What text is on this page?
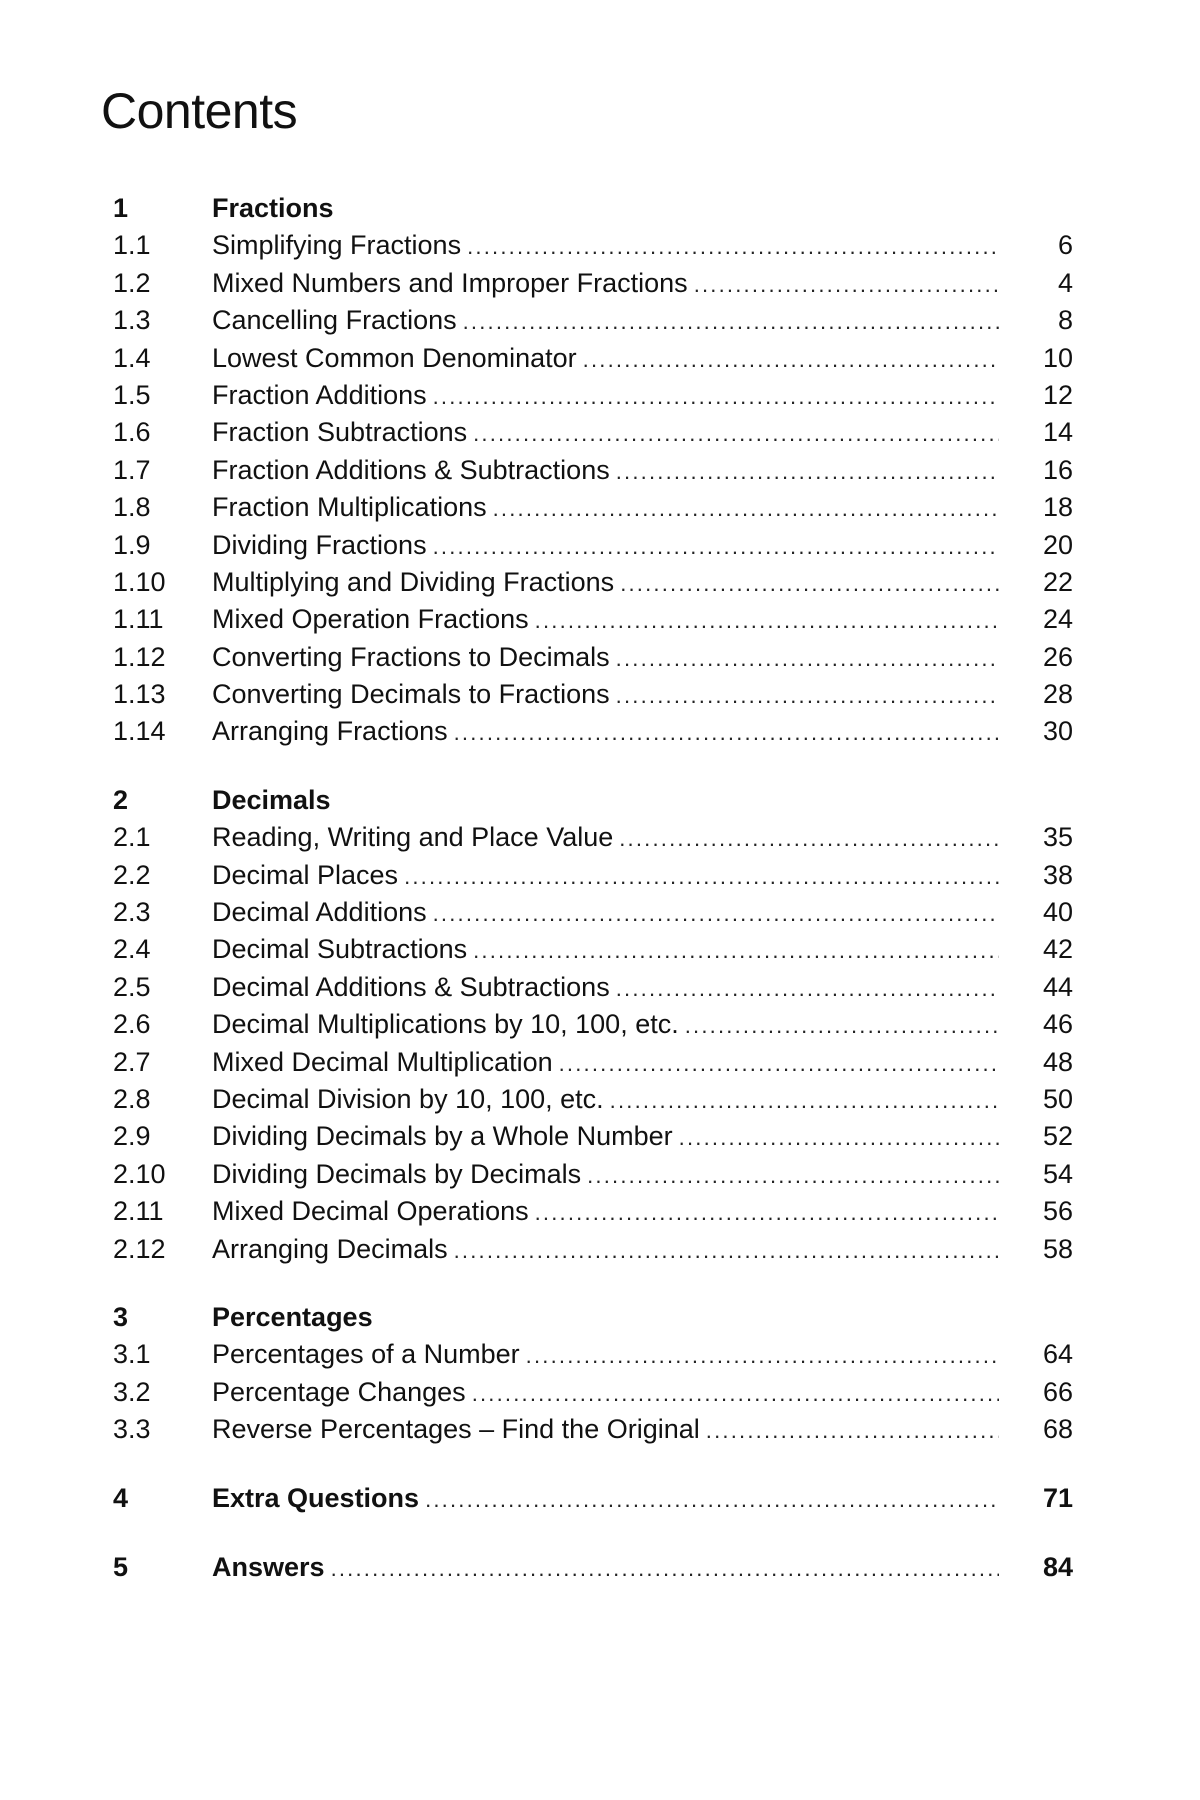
Contents
1	Fractions
1.1	Simplifying Fractions .....	6
1.2	Mixed Numbers and Improper Fractions .....	4
1.3	Cancelling Fractions .....	8
1.4	Lowest Common Denominator .....	10
1.5	Fraction Additions .....	12
1.6	Fraction Subtractions .....	14
1.7	Fraction Additions & Subtractions .....	16
1.8	Fraction Multiplications .....	18
1.9	Dividing Fractions .....	20
1.10	Multiplying and Dividing Fractions .....	22
1.11	Mixed Operation Fractions .....	24
1.12	Converting Fractions to Decimals .....	26
1.13	Converting Decimals to Fractions .....	28
1.14	Arranging Fractions .....	30
2	Decimals
2.1	Reading, Writing and Place Value .....	35
2.2	Decimal Places .....	38
2.3	Decimal Additions .....	40
2.4	Decimal Subtractions .....	42
2.5	Decimal Additions & Subtractions .....	44
2.6	Decimal Multiplications by 10, 100, etc. .....	46
2.7	Mixed Decimal Multiplication .....	48
2.8	Decimal Division by 10, 100, etc. .....	50
2.9	Dividing Decimals by a Whole Number .....	52
2.10	Dividing Decimals by Decimals .....	54
2.11	Mixed Decimal Operations .....	56
2.12	Arranging Decimals .....	58
3	Percentages
3.1	Percentages of a Number .....	64
3.2	Percentage Changes .....	66
3.3	Reverse Percentages – Find the Original .....	68
4	Extra Questions .....	71
5	Answers .....	84
